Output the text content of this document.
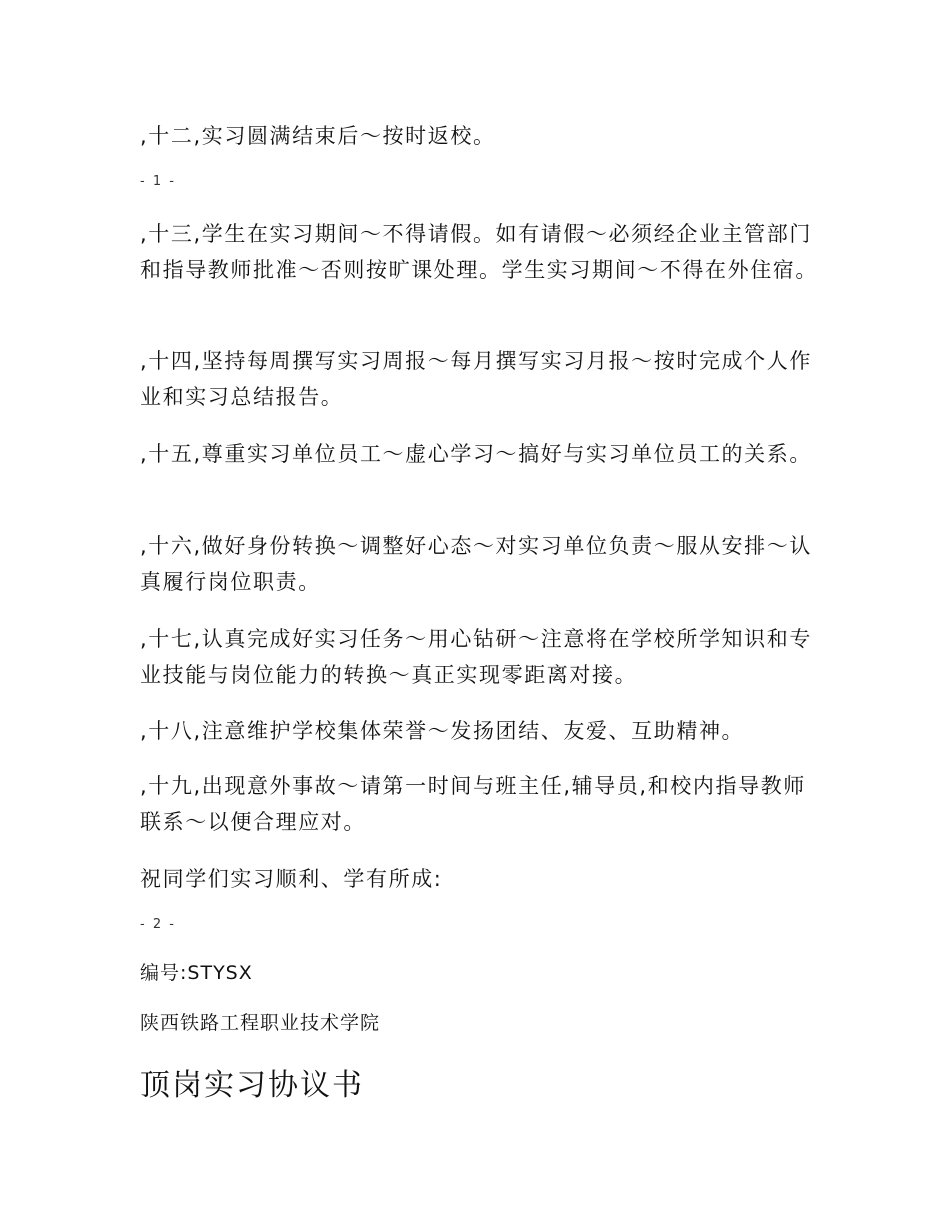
,十二,实习圆满结束后～按时返校。

- 1 -

,十三,学生在实习期间～不得请假。如有请假～必须经企业主管部门和指导教师批准～否则按旷课处理。学生实习期间～不得在外住宿。

,十四,坚持每周撰写实习周报～每月撰写实习月报～按时完成个人作业和实习总结报告。

,十五,尊重实习单位员工～虚心学习～搞好与实习单位员工的关系。

,十六,做好身份转换～调整好心态～对实习单位负责～服从安排～认真履行岗位职责。

,十七,认真完成好实习任务～用心钻研～注意将在学校所学知识和专业技能与岗位能力的转换～真正实现零距离对接。

,十八,注意维护学校集体荣誉～发扬团结、友爱、互助精神。

,十九,出现意外事故～请第一时间与班主任,辅导员,和校内指导教师联系～以便合理应对。

祝同学们实习顺利、学有所成:

- 2 -

编号:STYSX

陕西铁路工程职业技术学院

顶岗实习协议书
